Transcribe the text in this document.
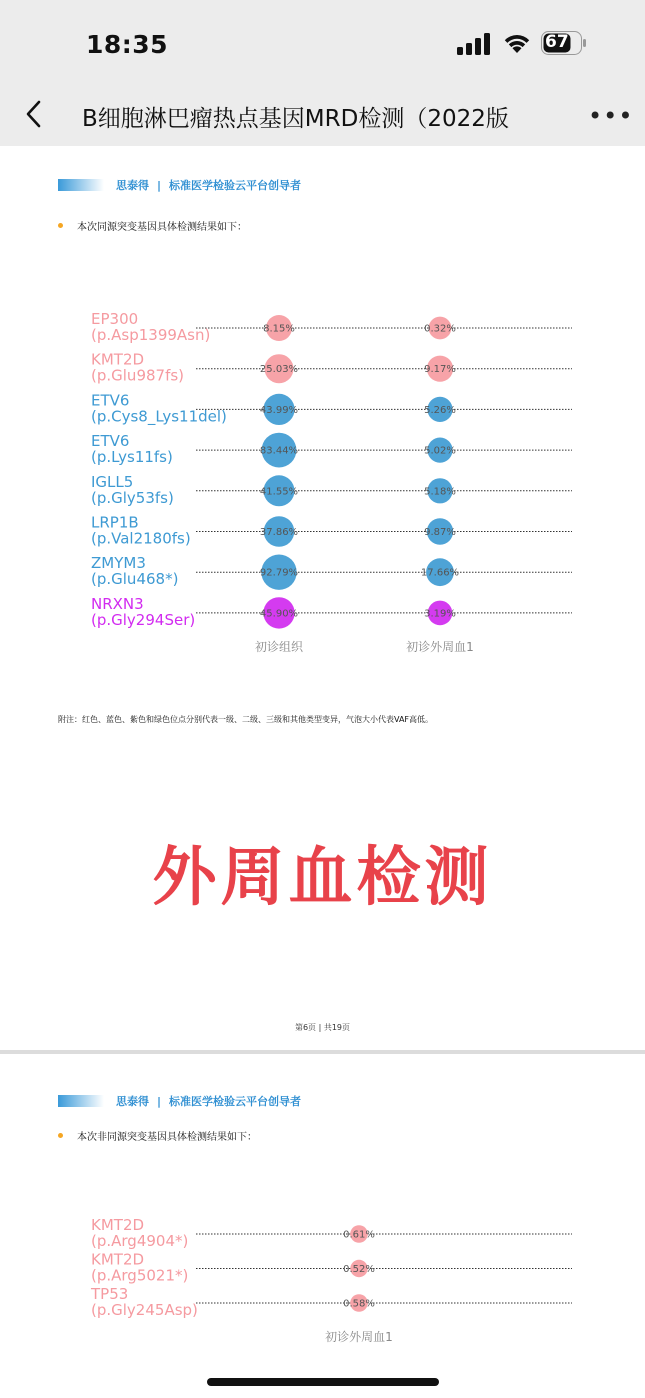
18:35	67
B细胞淋巴瘤热点基因MRD检测（2022版	•••
思泰得 | 标准医学检验云平台创导者
本次同源突变基因具体检测结果如下：
EP300 (p.Asp1399Asn)	8.15%	0.32%
KMT2D (p.Glu987fs)	25.03%	9.17%
ETV6 (p.Cys8_Lys11del)	43.99%	5.26%
ETV6 (p.Lys11fs)	83.44%	5.02%
IGLL5 (p.Gly53fs)	41.55%	5.18%
LRP1B (p.Val2180fs)	37.86%	9.87%
ZMYM3 (p.Glu468*)	92.79%	17.66%
NRXN3 (p.Gly294Ser)	45.90%	3.19%
初诊组织	初诊外周血1
附注：红色、蓝色、紫色和绿色位点分别代表一级、二级、三级和其他类型变异，气泡大小代表VAF高低。
外周血检测
第6页 | 共19页
思泰得 | 标准医学检验云平台创导者
本次非同源突变基因具体检测结果如下：
KMT2D (p.Arg4904*)	0.61%
KMT2D (p.Arg5021*)	0.52%
TP53 (p.Gly245Asp)	0.58%
初诊外周血1
